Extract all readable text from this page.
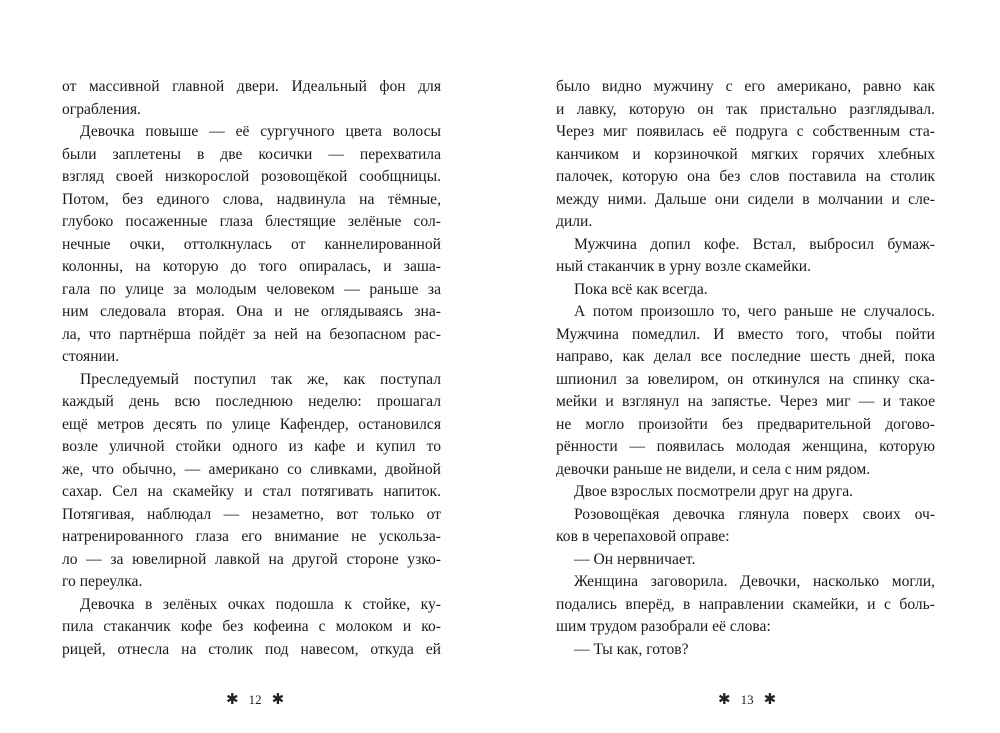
от массивной главной двери. Идеальный фон для
ограбления.
Девочка повыше — её сургучного цвета волосы
были заплетены в две косички — перехватила
взгляд своей низкорослой розовощёкой сообщницы.
Потом, без единого слова, надвинула на тёмные,
глубоко посаженные глаза блестящие зелёные сол-
нечные очки, оттолкнулась от каннелированной
колонны, на которую до того опиралась, и заша-
гала по улице за молодым человеком — раньше за
ним следовала вторая. Она и не оглядываясь зна-
ла, что партнёрша пойдёт за ней на безопасном рас-
стоянии.
Преследуемый поступил так же, как поступал
каждый день всю последнюю неделю: прошагал
ещё метров десять по улице Кафендер, остановился
возле уличной стойки одного из кафе и купил то
же, что обычно, — американо со сливками, двойной
сахар. Сел на скамейку и стал потягивать напиток.
Потягивая, наблюдал — незаметно, вот только от
натренированного глаза его внимание не ускольза-
ло — за ювелирной лавкой на другой стороне узко-
го переулка.
Девочка в зелёных очках подошла к стойке, ку-
пила стаканчик кофе без кофеина с молоком и ко-
рицей, отнесла на столик под навесом, откуда ей
было видно мужчину с его американо, равно как
и лавку, которую он так пристально разглядывал.
Через миг появилась её подруга с собственным ста-
канчиком и корзиночкой мягких горячих хлебных
палочек, которую она без слов поставила на столик
между ними. Дальше они сидели в молчании и сле-
дили.
Мужчина допил кофе. Встал, выбросил бумаж-
ный стаканчик в урну возле скамейки.
Пока всё как всегда.
А потом произошло то, чего раньше не случалось.
Мужчина помедлил. И вместо того, чтобы пойти
направо, как делал все последние шесть дней, пока
шпионил за ювелиром, он откинулся на спинку ска-
мейки и взглянул на запястье. Через миг — и такое
не могло произойти без предварительной догово-
рённости — появилась молодая женщина, которую
девочки раньше не видели, и села с ним рядом.
Двое взрослых посмотрели друг на друга.
Розовощёкая девочка глянула поверх своих оч-
ков в черепаховой оправе:
— Он нервничает.
Женщина заговорила. Девочки, насколько могли,
подались вперёд, в направлении скамейки, и с боль-
шим трудом разобрали её слова:
— Ты как, готов?
✱ 12 ✱	✱ 13 ✱
